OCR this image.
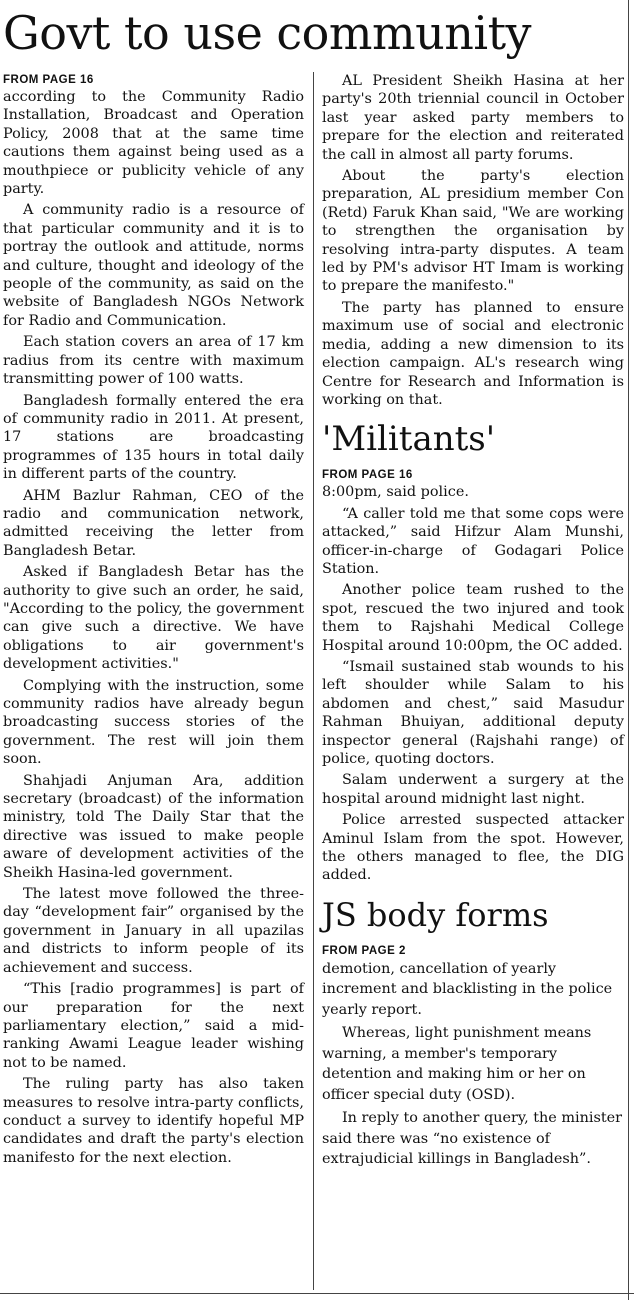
Govt to use community
FROM PAGE 16

according to the Community Radio Installation, Broadcast and Operation Policy, 2008 that at the same time cautions them against being used as a mouthpiece or publicity vehicle of any party.

A community radio is a resource of that particular community and it is to portray the outlook and attitude, norms and culture, thought and ideology of the people of the community, as said on the website of Bangladesh NGOs Network for Radio and Communication.

Each station covers an area of 17 km radius from its centre with maximum transmitting power of 100 watts.

Bangladesh formally entered the era of community radio in 2011. At present, 17 stations are broadcasting programmes of 135 hours in total daily in different parts of the country.

AHM Bazlur Rahman, CEO of the radio and communication network, admitted receiving the letter from Bangladesh Betar.

Asked if Bangladesh Betar has the authority to give such an order, he said, "According to the policy, the government can give such a directive. We have obligations to air government's development activities."

Complying with the instruction, some community radios have already begun broadcasting success stories of the government. The rest will join them soon.

Shahjadi Anjuman Ara, addition secretary (broadcast) of the information ministry, told The Daily Star that the directive was issued to make people aware of development activities of the Sheikh Hasina-led government.

The latest move followed the three-day “development fair” organised by the government in January in all upazilas and districts to inform people of its achievement and success.

“This [radio programmes] is part of our preparation for the next parliamentary election,” said a mid-ranking Awami League leader wishing not to be named.

The ruling party has also taken measures to resolve intra-party conflicts, conduct a survey to identify hopeful MP candidates and draft the party's election manifesto for the next election.

AL President Sheikh Hasina at her party's 20th triennial council in October last year asked party members to prepare for the election and reiterated the call in almost all party forums.

About the party's election preparation, AL presidium member Con (Retd) Faruk Khan said, "We are working to strengthen the organisation by resolving intra-party disputes. A team led by PM's advisor HT Imam is working to prepare the manifesto."

The party has planned to ensure maximum use of social and electronic media, adding a new dimension to its election campaign. AL's research wing Centre for Research and Information is working on that.

'Militants'
FROM PAGE 16

8:00pm, said police.

“A caller told me that some cops were attacked,” said Hifzur Alam Munshi, officer-in-charge of Godagari Police Station.

Another police team rushed to the spot, rescued the two injured and took them to Rajshahi Medical College Hospital around 10:00pm, the OC added.

“Ismail sustained stab wounds to his left shoulder while Salam to his abdomen and chest,” said Masudur Rahman Bhuiyan, additional deputy inspector general (Rajshahi range) of police, quoting doctors.

Salam underwent a surgery at the hospital around midnight last night.

Police arrested suspected attacker Aminul Islam from the spot. However, the others managed to flee, the DIG added.

JS body forms
FROM PAGE 2

demotion, cancellation of yearly increment and blacklisting in the police yearly report.

Whereas, light punishment means warning, a member's temporary detention and making him or her on officer special duty (OSD).

In reply to another query, the minister said there was “no existence of extrajudicial killings in Bangladesh”.
